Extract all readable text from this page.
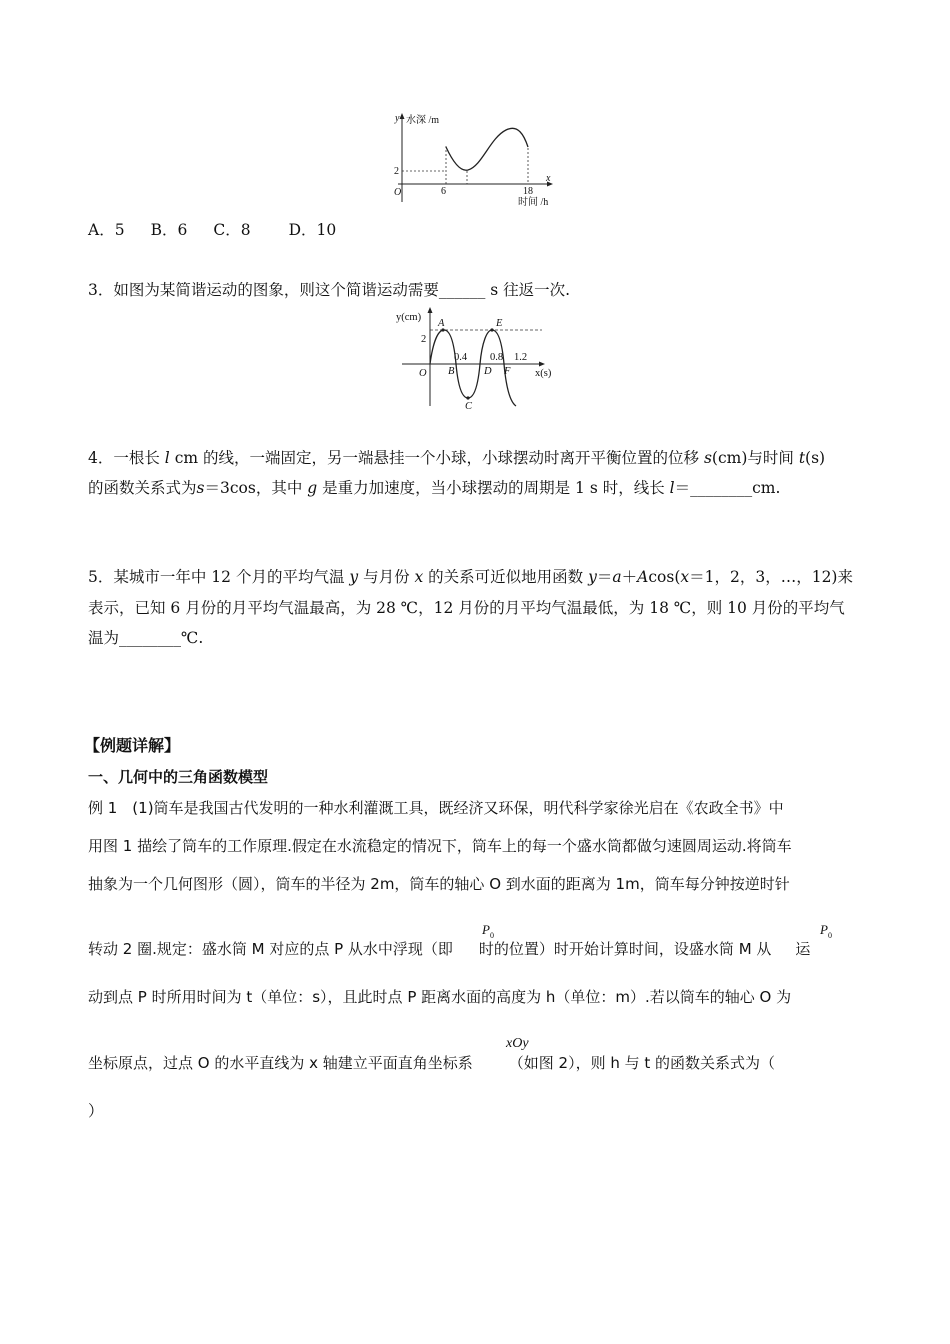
y 水深 /m
x
时间 /h
O
2
6	18
A．5 B．6 C．8 D．10
3．如图为某简谐运动的图象，则这个简谐运动需要______ s 往返一次.
y(cm)
x(s)
O
2
0.4 0.8 1.2
A
B
C
D
E
F
4．一根长 l cm 的线，一端固定，另一端悬挂一个小球，小球摆动时离开平衡位置的位移 s(cm)与时间 t(s)
的函数关系式为s＝3cos，其中 g 是重力加速度，当小球摆动的周期是 1 s 时，线长 l＝________cm.
5．某城市一年中 12 个月的平均气温 y 与月份 x 的关系可近似地用函数 y＝a＋Acos(x＝1，2，3，…，12)来
表示，已知 6 月份的月平均气温最高，为 28 ℃，12 月份的月平均气温最低，为 18 ℃，则 10 月份的平均气
温为________℃.
【例题详解】
一、几何中的三角函数模型
例 1　(1)筒车是我国古代发明的一种水利灌溉工具，既经济又环保，明代科学家徐光启在《农政全书》中
用图 1 描绘了筒车的工作原理.假定在水流稳定的情况下，筒车上的每一个盛水筒都做匀速圆周运动.将筒车
抽象为一个几何图形（圆），筒车的半径为 2m，筒车的轴心 O 到水面的距离为 1m，筒车每分钟按逆时针
$P_0$	$P_0$
转动 2 圈.规定：盛水筒 M 对应的点 P 从水中浮现（即 时的位置）时开始计算时间，设盛水筒 M 从 运
动到点 P 时所用时间为 t（单位：s），且此时点 P 距离水面的高度为 h（单位：m）.若以筒车的轴心 O 为
xOy
坐标原点，过点 O 的水平直线为 x 轴建立平面直角坐标系 （如图 2），则 h 与 t 的函数关系式为（
）
